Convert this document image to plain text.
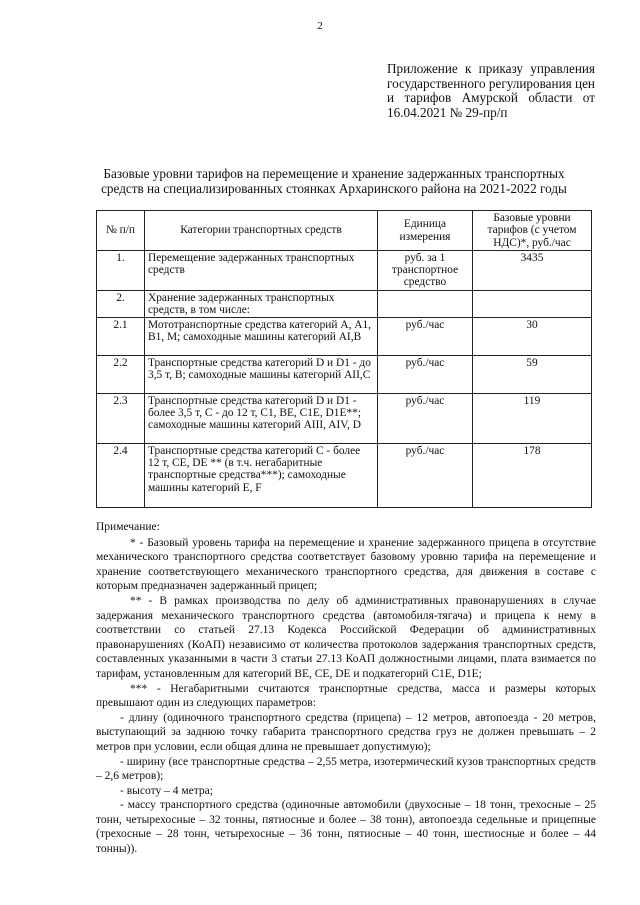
2
Приложение к приказу управления государственного регулирования цен и тарифов Амурской области от 16.04.2021 № 29-пр/п
Базовые уровни тарифов на перемещение и хранение задержанных транспортных средств на специализированных стоянках Архаринского района на 2021-2022 годы
№ п/п	Категории транспортных средств	Единица измерения	Базовые уровни тарифов (с учетом НДС)*, руб./час
1.	Перемещение задержанных транспортных средств	руб. за 1 транспортное средство	3435
2.	Хранение задержанных транспортных средств, в том числе:		
2.1	Мототранспортные средства категорий А, А1, В1, М; самоходные машины категорий AI,B	руб./час	30
2.2	Транспортные средства категорий D и D1 - до 3,5 т, В; самоходные машины категорий AII,C	руб./час	59
2.3	Транспортные средства категорий D и D1 - более 3,5 т, С - до 12 т, С1, BE, C1E, D1E**; самоходные машины категорий AIII, AIV, D	руб./час	119
2.4	Транспортные средства категорий С - более 12 т, CE, DE ** (в т.ч. негабаритные транспортные средства***); самоходные машины категорий Е, F	руб./час	178

Примечание:

* - Базовый уровень тарифа на перемещение и хранение задержанного прицепа в отсутствие механического транспортного средства соответствует базовому уровню тарифа на перемещение и хранение соответствующего механического транспортного средства, для движения в составе с которым предназначен задержанный прицеп;

** - В рамках производства по делу об административных правонарушениях в случае задержания механического транспортного средства (автомобиля-тягача) и прицепа к нему в соответствии со статьей 27.13 Кодекса Российской Федерации об административных правонарушениях (КоАП) независимо от количества протоколов задержания транспортных средств, составленных указанными в части 3 статьи 27.13 КоАП должностными лицами, плата взимается по тарифам, установленным для категорий BE, CE, DE и подкатегорий C1E, D1E;

*** - Негабаритными считаются транспортные средства, масса и размеры которых превышают один из следующих параметров:

- длину (одиночного транспортного средства (прицепа) – 12 метров, автопоезда - 20 метров, выступающий за заднюю точку габарита транспортного средства груз не должен превышать – 2 метров при условии, если общая длина не превышает допустимую);

- ширину (все транспортные средства – 2,55 метра, изотермический кузов транспортных средств – 2,6 метров);

- высоту – 4 метра;

- массу транспортного средства (одиночные автомобили (двухосные – 18 тонн, трехосные – 25 тонн, четырехосные – 32 тонны, пятиосные и более – 38 тонн), автопоезда седельные и прицепные (трехосные – 28 тонн, четырехосные – 36 тонн, пятиосные – 40 тонн, шестиосные и более – 44 тонны)).
